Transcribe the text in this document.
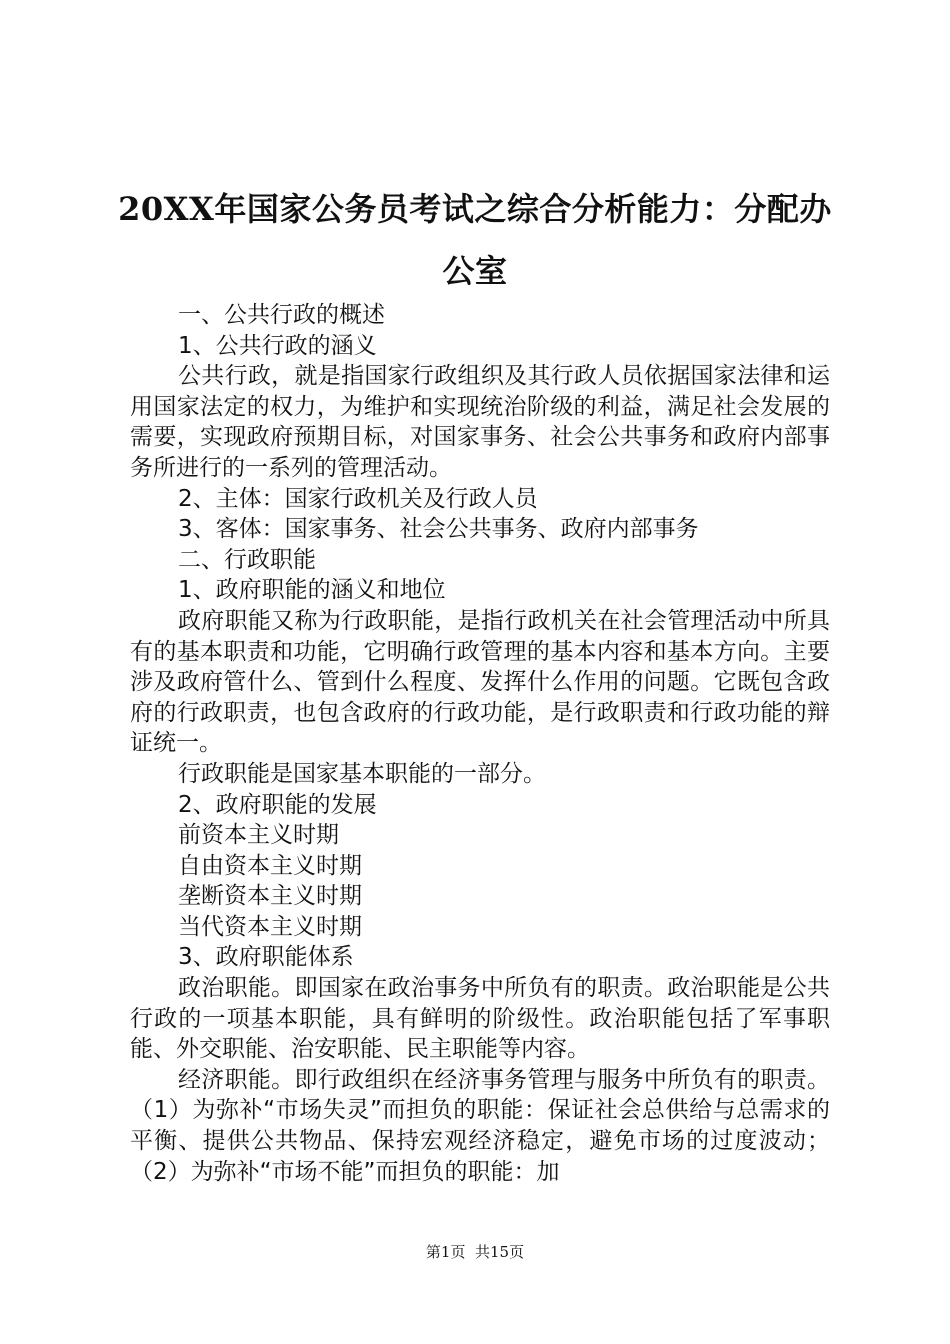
20XX年国家公务员考试之综合分析能力：分配办公室

一、公共行政的概述

1、公共行政的涵义

公共行政，就是指国家行政组织及其行政人员依据国家法律和运用国家法定的权力，为维护和实现统治阶级的利益，满足社会发展的需要，实现政府预期目标，对国家事务、社会公共事务和政府内部事务所进行的一系列的管理活动。

2、主体：国家行政机关及行政人员

3、客体：国家事务、社会公共事务、政府内部事务

二、行政职能

1、政府职能的涵义和地位

政府职能又称为行政职能，是指行政机关在社会管理活动中所具有的基本职责和功能，它明确行政管理的基本内容和基本方向。主要涉及政府管什么、管到什么程度、发挥什么作用的问题。它既包含政府的行政职责，也包含政府的行政功能，是行政职责和行政功能的辩证统一。

行政职能是国家基本职能的一部分。

2、政府职能的发展

前资本主义时期

自由资本主义时期

垄断资本主义时期

当代资本主义时期

3、政府职能体系

政治职能。即国家在政治事务中所负有的职责。政治职能是公共行政的一项基本职能，具有鲜明的阶级性。政治职能包括了军事职能、外交职能、治安职能、民主职能等内容。

经济职能。即行政组织在经济事务管理与服务中所负有的职责。（1）为弥补“市场失灵”而担负的职能：保证社会总供给与总需求的平衡、提供公共物品、保持宏观经济稳定，避免市场的过度波动；（2）为弥补“市场不能”而担负的职能：加

第1页 共15页
